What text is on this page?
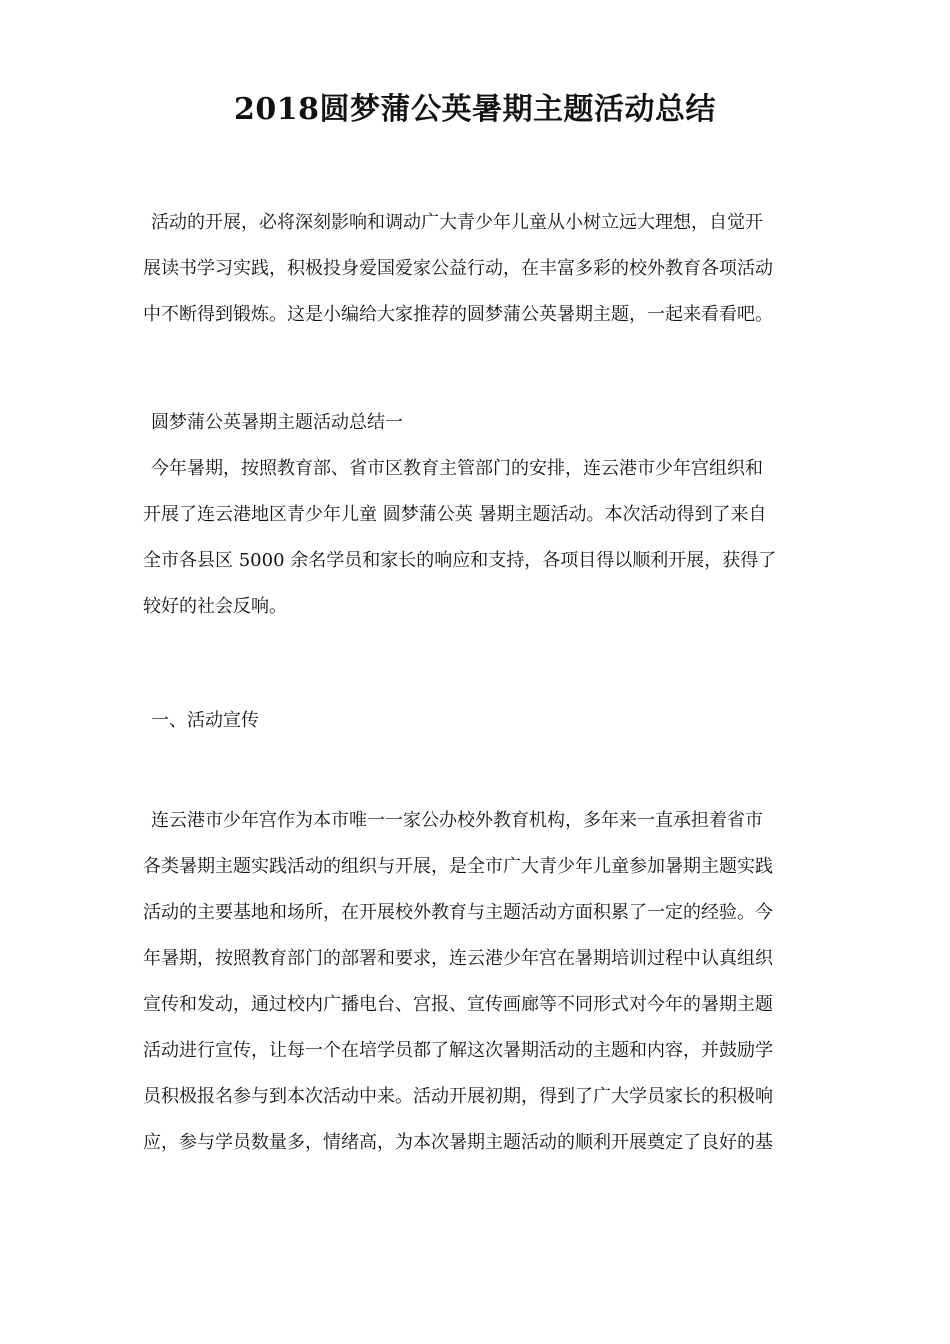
2018圆梦蒲公英暑期主题活动总结
活动的开展，必将深刻影响和调动广大青少年儿童从小树立远大理想，自觉开
展读书学习实践，积极投身爱国爱家公益行动，在丰富多彩的校外教育各项活动
中不断得到锻炼。这是小编给大家推荐的圆梦蒲公英暑期主题，一起来看看吧。
圆梦蒲公英暑期主题活动总结一
今年暑期，按照教育部、省市区教育主管部门的安排，连云港市少年宫组织和
开展了连云港地区青少年儿童 圆梦蒲公英 暑期主题活动。本次活动得到了来自
全市各县区 5000 余名学员和家长的响应和支持，各项目得以顺利开展，获得了
较好的社会反响。
一、活动宣传
连云港市少年宫作为本市唯一一家公办校外教育机构，多年来一直承担着省市
各类暑期主题实践活动的组织与开展，是全市广大青少年儿童参加暑期主题实践
活动的主要基地和场所，在开展校外教育与主题活动方面积累了一定的经验。今
年暑期，按照教育部门的部署和要求，连云港少年宫在暑期培训过程中认真组织
宣传和发动，通过校内广播电台、宫报、宣传画廊等不同形式对今年的暑期主题
活动进行宣传，让每一个在培学员都了解这次暑期活动的主题和内容，并鼓励学
员积极报名参与到本次活动中来。活动开展初期，得到了广大学员家长的积极响
应，参与学员数量多，情绪高，为本次暑期主题活动的顺利开展奠定了良好的基
